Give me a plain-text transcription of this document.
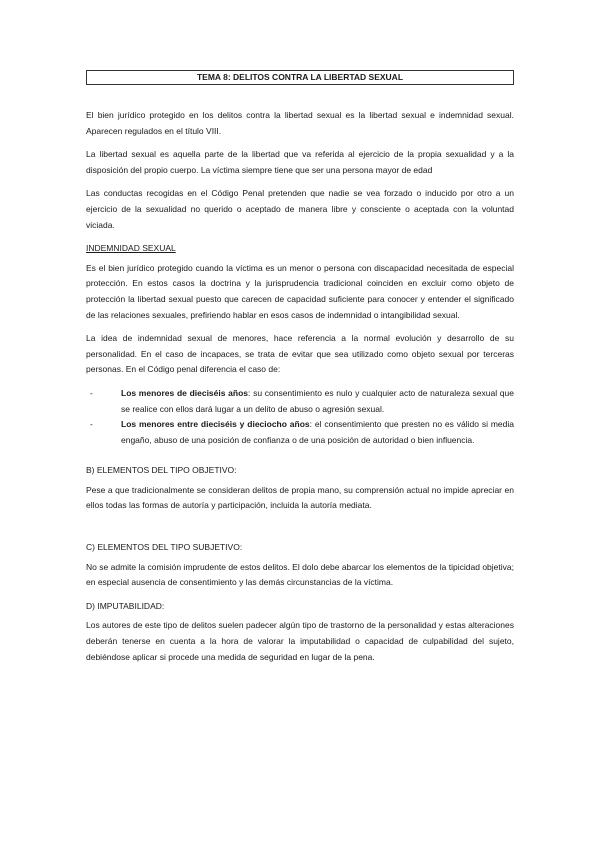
TEMA 8: DELITOS CONTRA LA LIBERTAD SEXUAL

El bien jurídico protegido en los delitos contra la libertad sexual es la libertad sexual e indemnidad sexual. Aparecen regulados en el título VIII.

La libertad sexual es aquella parte de la libertad que va referida al ejercicio de la propia sexualidad y a la disposición del propio cuerpo. La víctima siempre tiene que ser una persona mayor de edad

Las conductas recogidas en el Código Penal pretenden que nadie se vea forzado o inducido por otro a un ejercicio de la sexualidad no querido o aceptado de manera libre y consciente o aceptada con la voluntad viciada.

INDEMNIDAD SEXUAL

Es el bien jurídico protegido cuando la víctima es un menor o persona con discapacidad necesitada de especial protección. En estos casos la doctrina y la jurisprudencia tradicional coinciden en excluir como objeto de protección la libertad sexual puesto que carecen de capacidad suficiente para conocer y entender el significado de las relaciones sexuales, prefiriendo hablar en esos casos de indemnidad o intangibilidad sexual.

La idea de indemnidad sexual de menores, hace referencia a la normal evolución y desarrollo de su personalidad. En el caso de incapaces, se trata de evitar que sea utilizado como objeto sexual por terceras personas. En el Código penal diferencia el caso de:

-	Los menores de dieciséis años: su consentimiento es nulo y cualquier acto de naturaleza sexual que se realice con ellos dará lugar a un delito de abuso o agresión sexual.
-	Los menores entre dieciséis y dieciocho años: el consentimiento que presten no es válido si media engaño, abuso de una posición de confianza o de una posición de autoridad o bien influencia.

B) ELEMENTOS DEL TIPO OBJETIVO:

Pese a que tradicionalmente se consideran delitos de propia mano, su comprensión actual no impide apreciar en ellos todas las formas de autoría y participación, incluida la autoría mediata.

C) ELEMENTOS DEL TIPO SUBJETIVO:

No se admite la comisión imprudente de estos delitos. El dolo debe abarcar los elementos de la tipicidad objetiva; en especial ausencia de consentimiento y las demás circunstancias de la víctima.

D) IMPUTABILIDAD:

Los autores de este tipo de delitos suelen padecer algún tipo de trastorno de la personalidad y estas alteraciones deberán tenerse en cuenta a la hora de valorar la imputabilidad o capacidad de culpabilidad del sujeto, debiéndose aplicar si procede una medida de seguridad en lugar de la pena.
